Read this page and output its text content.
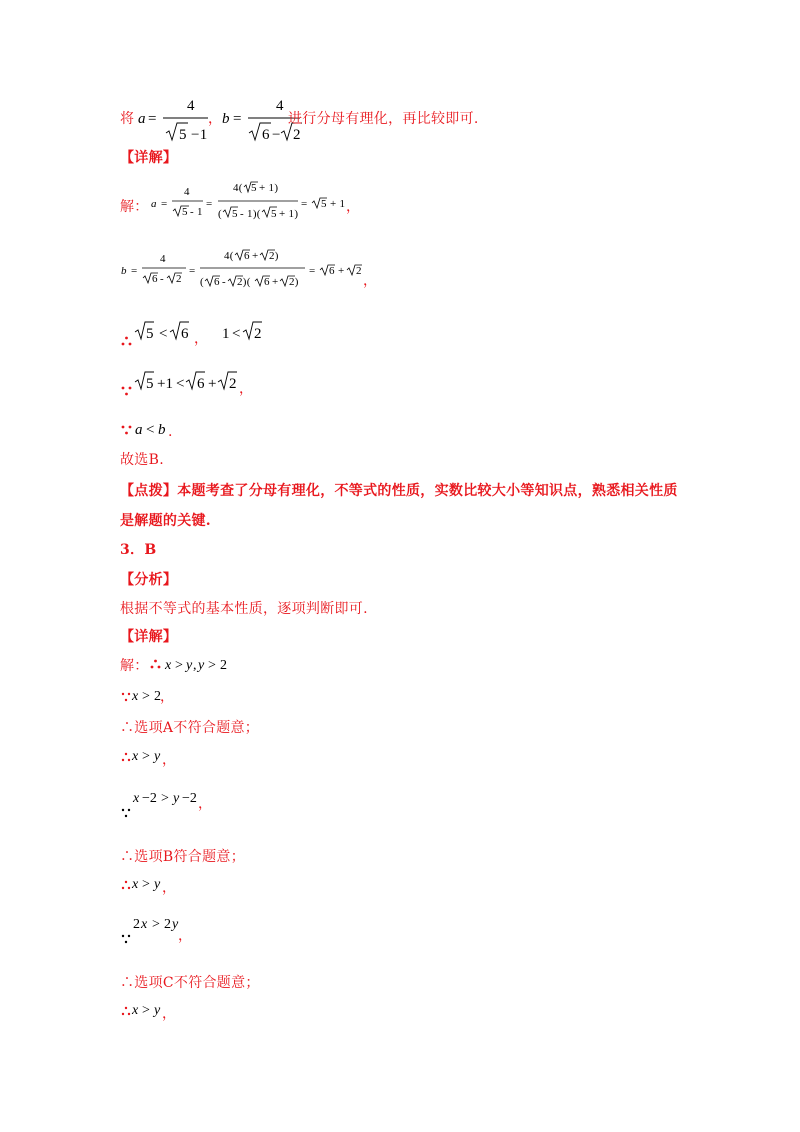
将 a =
4
5 −1
， b =
4
6 − 2
进行分母有理化，再比较即可.
【详解】
解： a =
4
5 - 1
=
4( 5 + 1)
( 5 - 1)( 5 + 1)
= 5 + 1 ，
b =
4
6 - 2
=
4( 6 + 2)
( 6 - 2)( 6 + 2)
= 6 + 2
，
5 < 6 1 < 2
，
5 +1 < 6 + 2 ，
a < b .
故选B.
【点拨】本题考查了分母有理化，不等式的性质，实数比较大小等知识点，熟悉相关性质
是解题的关键.
3．B
【分析】
根据不等式的基本性质，逐项判断即可.
【详解】
解： x > y , y > 2
x > 2 ，
∴选项A不符合题意；
x > y ，
x −2 > y −2 ，
∴选项B符合题意；
x > y ，
2 x > 2 y
，
∴选项C不符合题意；
x > y ，
